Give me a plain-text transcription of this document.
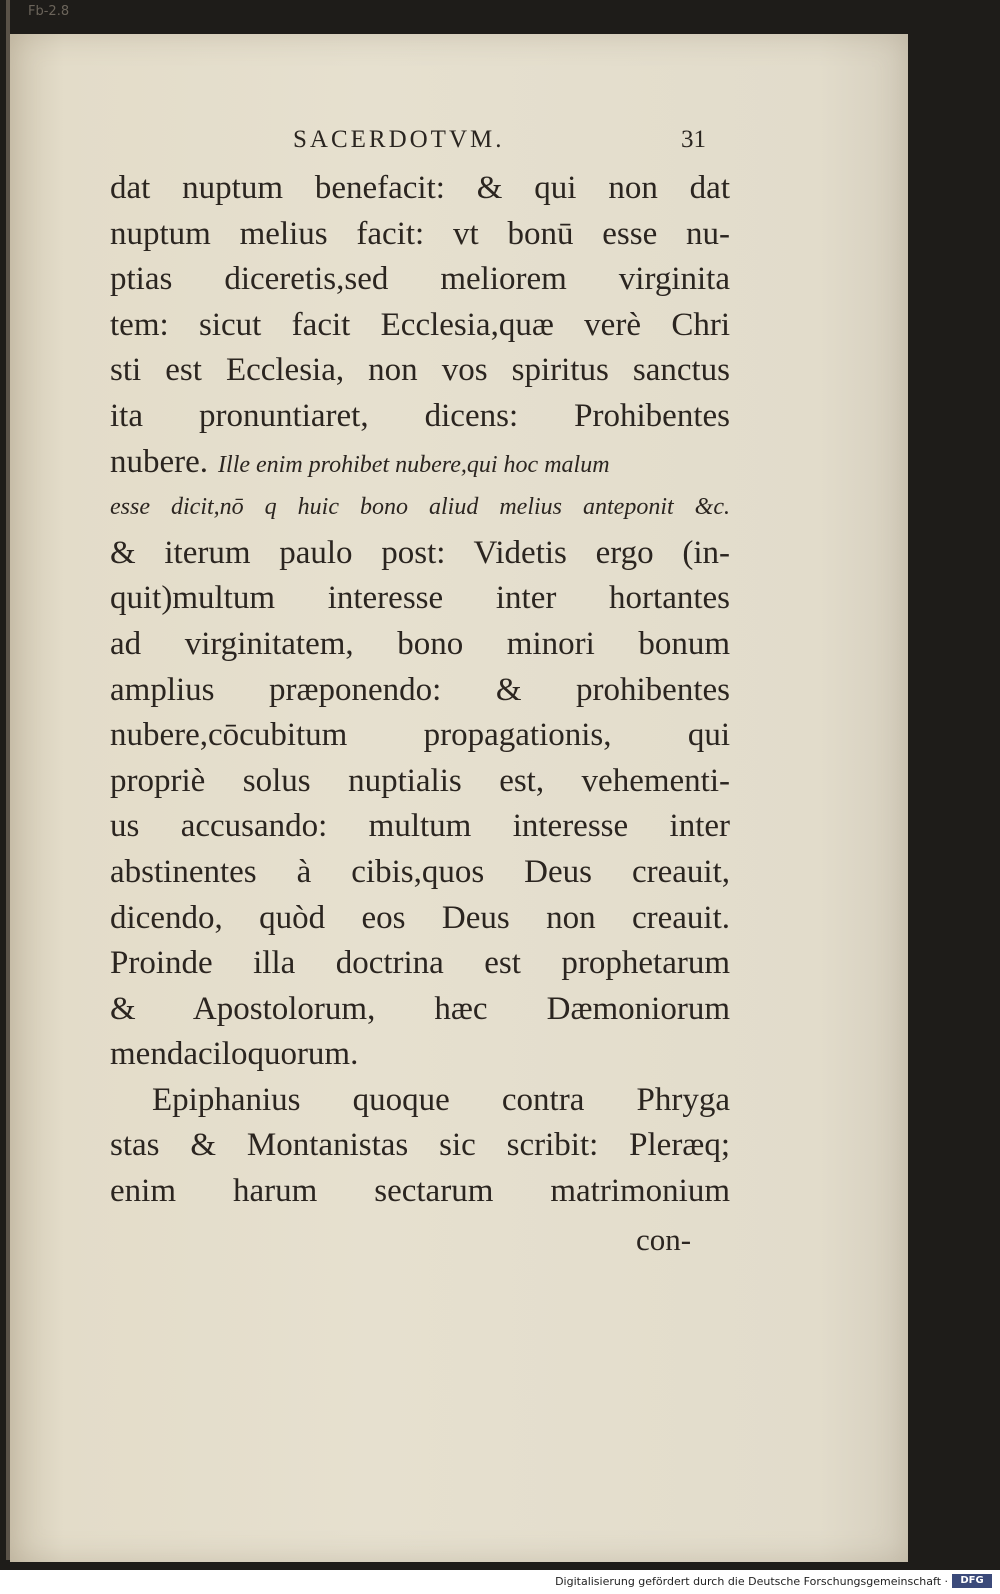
Fb-2.8
SACERDOTVM.	31
dat nuptum benefacit: & qui non dat
nuptum melius facit: vt bonū esse nu-
ptias diceretis,sed meliorem virginita
tem: sicut facit Ecclesia,quæ verè Chri
sti est Ecclesia, non vos spiritus sanctus
ita pronuntiaret, dicens: Prohibentes
nubere. Ille enim prohibet nubere,qui hoc malum
esse dicit,nō q huic bono aliud melius anteponit &c.
& iterum paulo post: Videtis ergo (in-
quit)multum interesse inter hortantes
ad virginitatem, bono minori bonum
amplius præponendo: & prohibentes
nubere,cōcubitum propagationis, qui
propriè solus nuptialis est, vehementi-
us accusando: multum interesse inter
abstinentes à cibis,quos Deus creauit,
dicendo, quòd eos Deus non creauit.
Proinde illa doctrina est prophetarum
& Apostolorum, hæc Dæmoniorum
mendaciloquorum.
Epiphanius quoque contra Phryga
stas & Montanistas sic scribit: Pleræq;
enim harum sectarum matrimonium
con-
Digitalisierung gefördert durch die Deutsche Forschungsgemeinschaft ·	DFG
